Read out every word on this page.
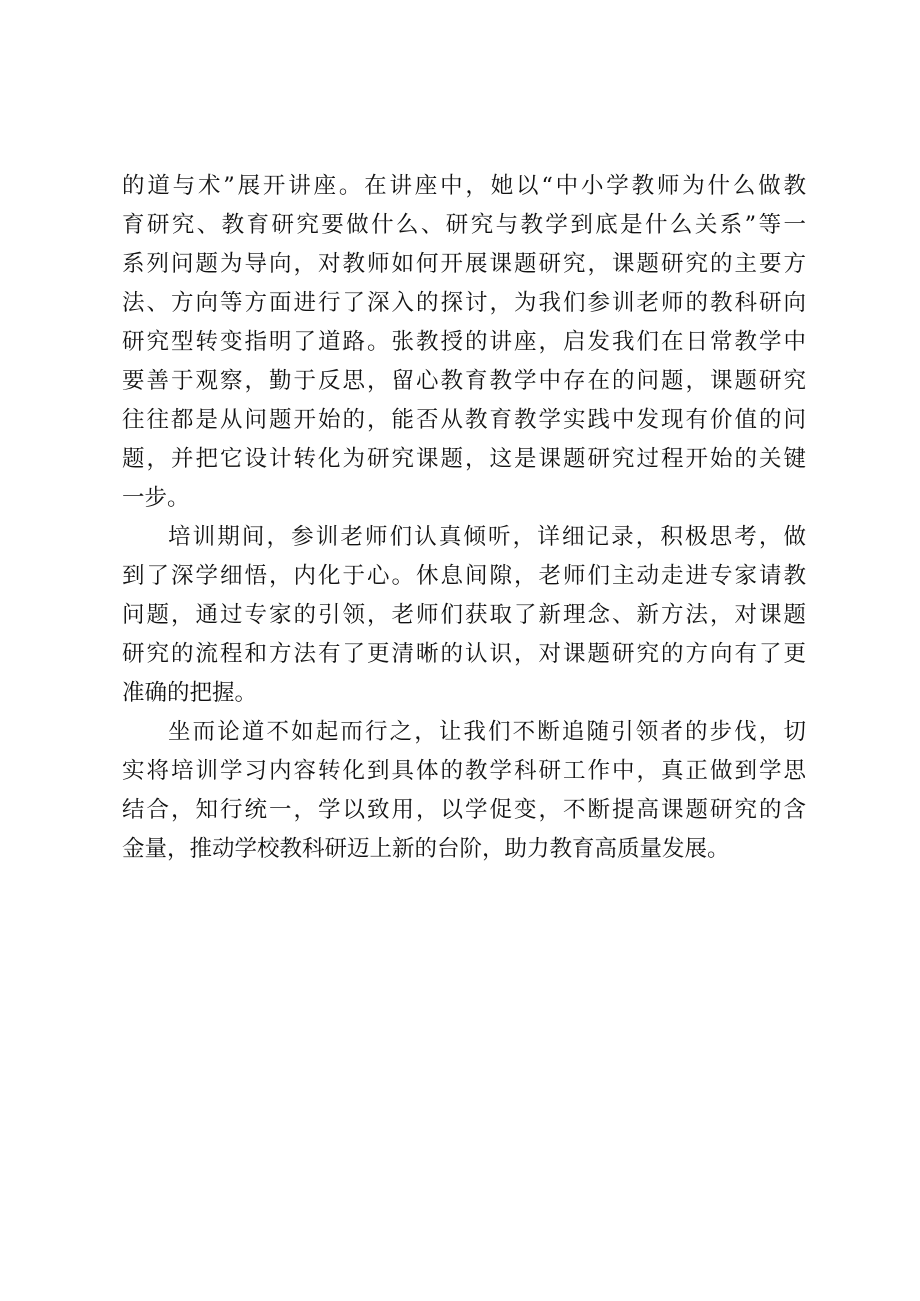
的道与术”展开讲座。在讲座中，她以“中小学教师为什么做教
育研究、教育研究要做什么、研究与教学到底是什么关系”等一
系列问题为导向，对教师如何开展课题研究，课题研究的主要方
法、方向等方面进行了深入的探讨，为我们参训老师的教科研向
研究型转变指明了道路。张教授的讲座，启发我们在日常教学中
要善于观察，勤于反思，留心教育教学中存在的问题，课题研究
往往都是从问题开始的，能否从教育教学实践中发现有价值的问
题，并把它设计转化为研究课题，这是课题研究过程开始的关键
一步。
培训期间，参训老师们认真倾听，详细记录，积极思考，做
到了深学细悟，内化于心。休息间隙，老师们主动走进专家请教
问题，通过专家的引领，老师们获取了新理念、新方法，对课题
研究的流程和方法有了更清晰的认识，对课题研究的方向有了更
准确的把握。
坐而论道不如起而行之，让我们不断追随引领者的步伐，切
实将培训学习内容转化到具体的教学科研工作中，真正做到学思
结合，知行统一，学以致用，以学促变，不断提高课题研究的含
金量，推动学校教科研迈上新的台阶，助力教育高质量发展。
